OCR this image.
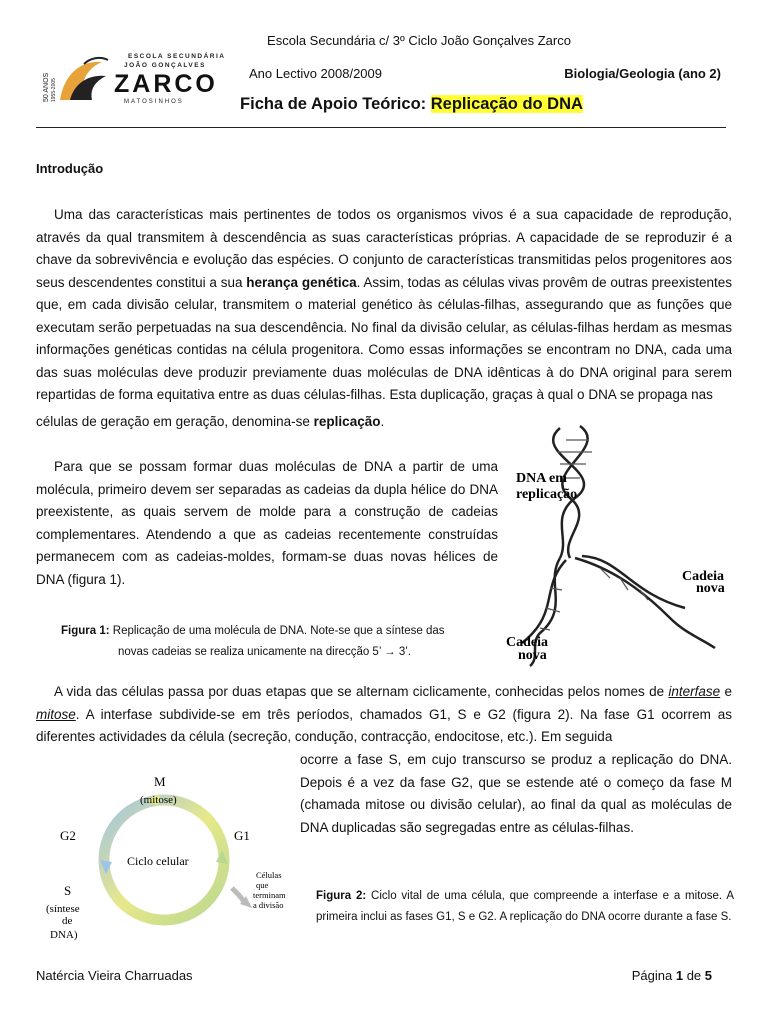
Escola Secundária c/ 3º Ciclo João Gonçalves Zarco
50 ANOS 1955-2005
ESCOLA SECUNDÁRIA
JOÃO GONÇALVES
ZARCO
MATOSINHOS
Ano Lectivo 2008/2009	Biologia/Geologia (ano 2)
Ficha de Apoio Teórico: Replicação do DNA
Introdução
Uma das características mais pertinentes de todos os organismos vivos é a sua capacidade de reprodução, através da qual transmitem à descendência as suas características próprias. A capacidade de se reproduzir é a chave da sobrevivência e evolução das espécies. O conjunto de características transmitidas pelos progenitores aos seus descendentes constitui a sua herança genética. Assim, todas as células vivas provêm de outras preexistentes que, em cada divisão celular, transmitem o material genético às células-filhas, assegurando que as funções que executam serão perpetuadas na sua descendência. No final da divisão celular, as células-filhas herdam as mesmas informações genéticas contidas na célula progenitora. Como essas informações se encontram no DNA, cada uma das suas moléculas deve produzir previamente duas moléculas de DNA idênticas à do DNA original para serem repartidas de forma equitativa entre as duas células-filhas. Esta duplicação, graças à qual o DNA se propaga nas
células de geração em geração, denomina-se replicação.
Para que se possam formar duas moléculas de DNA a partir de uma molécula, primeiro devem ser separadas as cadeias da dupla hélice do DNA preexistente, as quais servem de molde para a construção de cadeias complementares. Atendendo a que as cadeias recentemente construídas permanecem com as cadeias-moldes, formam-se duas novas hélices de DNA (figura 1).
DNA em
replicação
Cadeia
nova
Cadeia
nova
Figura 1: Replicação de uma molécula de DNA. Note-se que a síntese das
novas cadeias se realiza unicamente na direcção 5’ → 3’.
A vida das células passa por duas etapas que se alternam ciclicamente, conhecidas pelos nomes de interfase e mitose. A interfase subdivide-se em três períodos, chamados G1, S e G2 (figura 2). Na fase G1 ocorrem as diferentes actividades da célula (secreção, condução, contracção, endocitose, etc.). Em seguida
ocorre a fase S, em cujo transcurso se produz a replicação do DNA. Depois é a vez da fase G2, que se estende até o começo da fase M (chamada mitose ou divisão celular), ao final da qual as moléculas de DNA duplicadas são segregadas entre as células-filhas.
M
(mitose)
G1
G2
Ciclo celular
S
(síntese
de
DNA)
Células
que
terminam
a divisão
Figura 2: Ciclo vital de uma célula, que compreende a interfase e a mitose. A primeira inclui as fases G1, S e G2. A replicação do DNA ocorre durante a fase S.
Natércia Vieira Charruadas	Página 1 de 5
